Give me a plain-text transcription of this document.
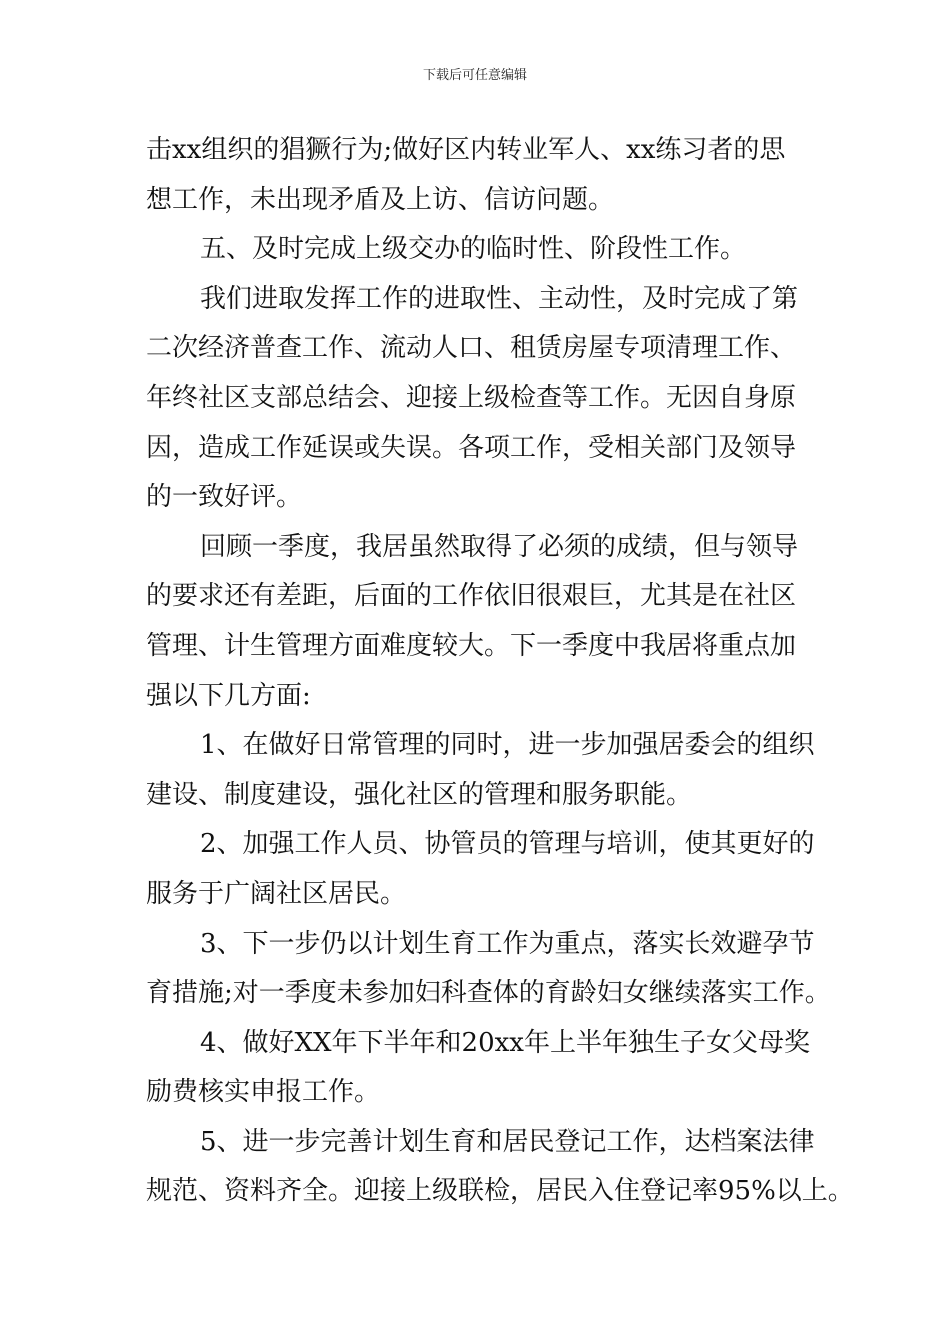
下载后可任意编辑
击xx组织的猖獗行为;做好区内转业军人、xx练习者的思
想工作，未出现矛盾及上访、信访问题。
五、及时完成上级交办的临时性、阶段性工作。
我们进取发挥工作的进取性、主动性，及时完成了第
二次经济普查工作、流动人口、租赁房屋专项清理工作、
年终社区支部总结会、迎接上级检查等工作。无因自身原
因，造成工作延误或失误。各项工作，受相关部门及领导
的一致好评。
回顾一季度，我居虽然取得了必须的成绩，但与领导
的要求还有差距，后面的工作依旧很艰巨，尤其是在社区
管理、计生管理方面难度较大。下一季度中我居将重点加
强以下几方面:
1、在做好日常管理的同时，进一步加强居委会的组织
建设、制度建设，强化社区的管理和服务职能。
2、加强工作人员、协管员的管理与培训，使其更好的
服务于广阔社区居民。
3、下一步仍以计划生育工作为重点，落实长效避孕节
育措施;对一季度未参加妇科查体的育龄妇女继续落实工作。
4、做好XX年下半年和20xx年上半年独生子女父母奖
励费核实申报工作。
5、进一步完善计划生育和居民登记工作，达档案法律
规范、资料齐全。迎接上级联检，居民入住登记率95%以上。
